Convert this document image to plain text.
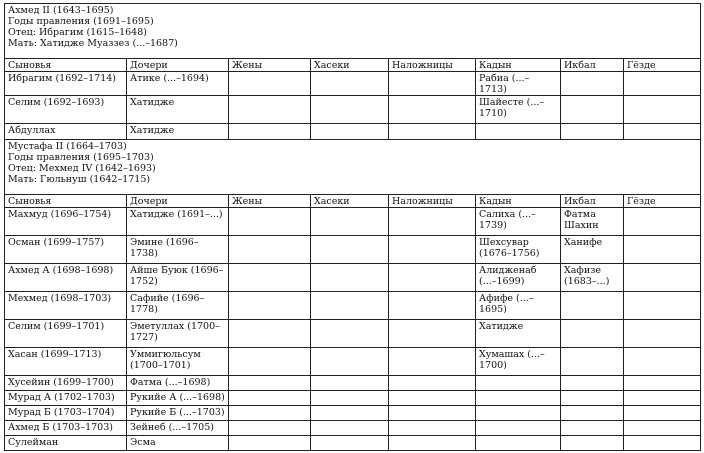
Ахмед II (1643–1695)
Годы правления (1691–1695)
Отец: Ибрагим (1615–1648)
Мать: Хатидже Муаззез (...–1687)							

Сыновья	Дочери	Жены	Хасеки	Наложницы	Кадын	Икбал	Гёзде
Ибрагим (1692–1714)	Атике (...–1694)				Рабиа (...–1713)		
Селим (1692–1693)	Хатидже				Шайесте (...–1710)		
Абдуллах	Хатидже						

Мустафа II (1664–1703)
Годы правления (1695–1703)
Отец: Мехмед IV (1642–1693)
Мать: Гюльнуш (1642–1715)							

Сыновья	Дочери	Жены	Хасеки	Наложницы	Кадын	Икбал	Гёзде
Махмуд (1696–1754)	Хатидже (1691–...)				Салиха (...–1739)	Фатма Шахин	
Осман (1699–1757)	Эмине (1696–1738)				Шехсувар (1676–1756)	Ханифе	
Ахмед А (1698–1698)	Айше Буюк (1696–1752)				Алидженаб (...–1699)	Хафизе (1683–...)	
Мехмед (1698–1703)	Сафийе (1696–1778)				Афифе (...–1695)		
Селим (1699–1701)	Эметуллах (1700–1727)				Хатидже		
Хасан (1699–1713)	Уммигюльсум (1700–1701)				Хумашах (...–1700)		
Хусейин (1699–1700)	Фатма (...–1698)						
Мурад А (1702–1703)	Рукийе А (...–1698)						
Мурад Б (1703–1704)	Рукийе Б (...–1703)						
Ахмед Б (1703–1703)	Зейнеб (...–1705)						
Сулейман	Эсма						
